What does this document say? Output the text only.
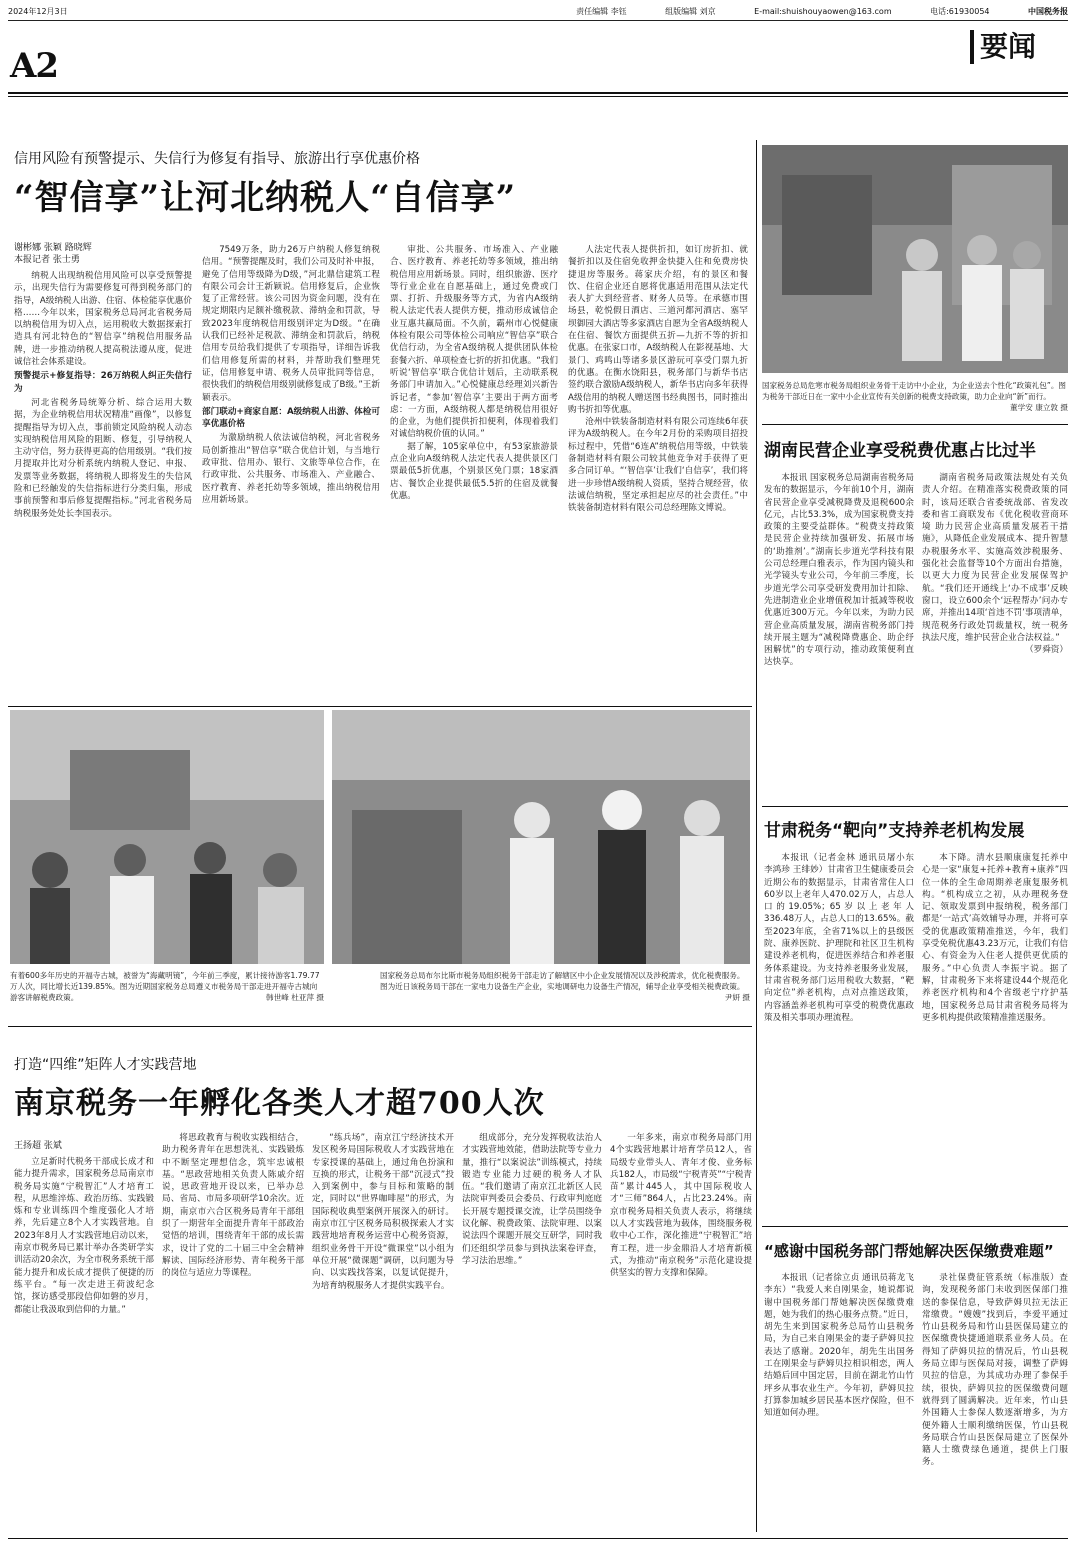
2024年12月3日	责任编辑 李钰	组版编辑 刘京	E-mail:shuishouyaowen@163.com	电话:61930054	中国税务报
A2	要闻
信用风险有预警提示、失信行为修复有指导、旅游出行享优惠价格
“智信享”让河北纳税人“自信享”
谢彬娜 张颖 路晓辉
本报记者 张士勇

纳税人出现纳税信用风险可以享受预警提示，出现失信行为需要修复可得到税务部门的指导，A级纳税人出游、住宿、体检能享优惠价格……今年以来，国家税务总局河北省税务局以纳税信用为切入点，运用税收大数据探索打造具有河北特色的“智信享”纳税信用服务品牌，进一步推动纳税人提高税法遵从度，促进诚信社会体系建设。

预警提示+修复指导：26万纳税人纠正失信行为

河北省税务局统筹分析、综合运用大数据，为企业纳税信用状况精准“画像”，以修复提醒指导为切入点，事前锁定风险纳税人动态实现纳税信用风险的阻断、修复，引导纳税人主动守信，努力获得更高的信用级别。“我们按月提取并比对分析系统内纳税人登记、申报、发票等业务数据，将纳税人即将发生的失信风险和已经触发的失信指标进行分类归集，形成事前预警和事后修复提醒指标。”河北省税务局纳税服务处处长李国表示。

7549万条，助力26万户纳税人修复纳税信用。“预警提醒及时，我们公司及时补申报，避免了信用等级降为D级，”河北鼎信建筑工程有限公司会计王新颖说。信用修复后，企业恢复了正常经营。该公司因为资金问题，没有在规定期限内足额补缴税款、滞纳金和罚款，导致2023年度纳税信用级别评定为D级。“在确认我们已经补足税款、滞纳金和罚款后，纳税信用专员给我们提供了专项指导，详细告诉我们信用修复所需的材料，并帮助我们整理凭证，信用修复申请、税务人员审批同等信息，很快我们的纳税信用级别就修复成了B级。”王新颖表示。

部门联动+商家自愿：A级纳税人出游、体检可享优惠价格

为激励纳税人依法诚信纳税，河北省税务局创新推出“智信享”联合优信计划，与当地行政审批、信用办、银行、文旅等单位合作，在行政审批、公共服务、市场准入、产业融合、医疗教育、养老托幼等多领域，推出纳税信用应用新场景。

审批、公共服务、市场准入、产业融合、医疗教育、养老托幼等多领域，推出纳税信用应用新场景。同时，组织旅游、医疗等行业企业在自愿基础上，通过免费或门票、打折、升级服务等方式，为省内A级纳税人法定代表人提供方便，推动形成诚信企业互惠共赢局面。不久前，霸州市心悦健康体检有限公司等体检公司响应“智信享”联合优信行动，为全省A级纳税人提供团队体检套餐六折、单项检查七折的折扣优惠。“我们听说‘智信享’联合优信计划后，主动联系税务部门申请加入。”心悦健康总经理刘兴新告诉记者，“参加‘智信享’主要出于两方面考虑：一方面，A级纳税人都是纳税信用很好的企业，为他们提供折扣便利，体现着我们对诚信纳税价值的认同。”

据了解，105家单位中，有53家旅游景点企业向A级纳税人法定代表人提供景区门票最低5折优惠，个别景区免门票；18家酒店、餐饮企业提供最低5.5折的住宿及就餐优惠。

人法定代表人提供折扣，如订房折扣、就餐折扣以及住宿免收押金快捷入住和免费房快捷退房等服务。蒋家庆介绍，有的景区和餐饮、住宿企业还自愿将优惠适用范围从法定代表人扩大到经营者、财务人员等。在承德市围场县，乾悦假日酒店、三道河都河酒店、塞罕坝御园大酒店等多家酒店自愿为全省A级纳税人在住宿、餐饮方面提供五折—九折不等的折扣优惠。在张家口市，A级纳税人在影视基地、大景门、鸡鸣山等诸多景区游玩可享受门票九折的优惠。在衡水饶阳县，税务部门与新华书店签约联合激励A级纳税人，新华书店向多年获得A级信用的纳税人赠送图书经典图书，同时推出购书折扣等优惠。

沧州中铁装备制造材料有限公司连续6年获评为A级纳税人。在今年2月份的采购项目招投标过程中，凭借“6连A”纳税信用等级，中铁装备制造材料有限公司较其他竞争对手获得了更多合同订单。“‘智信享’让我们‘自信享’，我们将进一步珍惜A级纳税人资质，坚持合规经营，依法诚信纳税，坚定承担起应尽的社会责任。”中铁装备制造材料有限公司总经理陈文博说。

国家税务总局危寒市税务局组织业务骨干走访中小企业，为企业送去个性化“政策礼包”。图为税务干部近日在一家中小企业宣传有关创新的税费支持政策，助力企业向“新”而行。
董学安 康立敦 摄
湖南民营企业享受税费优惠占比过半

本报讯 国家税务总局湖南省税务局发布的数据显示，今年前10个月，湖南省民营企业享受减税降费及退税600余亿元，占比53.3%，成为国家税费支持政策的主要受益群体。“税费支持政策是民营企业持续加强研发、拓展市场的‘助推剂’。”湖南长步道光学科技有限公司总经理白雅表示，作为国内镜头和光学镜头专业公司，今年前三季度，长步道光学公司享受研发费用加计扣除、先进制造业企业增值税加计抵减等税收优惠近300万元。今年以来，为助力民营企业高质量发展，湖南省税务部门持续开展主题为“减税降费惠企、助企纾困解忧”的专项行动，推动政策便利直达快享。

湖南省税务局政策法规处有关负责人介绍。在精准落实税费政策的同时，该局还联合省委统战部、省发改委和省工商联发布《优化税收营商环境 助力民营企业高质量发展若干措施》，从降低企业发展成本、提升智慧办税服务水平、实施高效涉税服务、强化社会监督等10个方面出台措施，以更大力度为民营企业发展保驾护航。“我们还开通线上‘办不成事’反映窗口，设立600余个‘远程帮办’问办专席，并推出14项‘首违不罚’事项清单，规范税务行政处罚裁量权，统一税务执法尺度，维护民营企业合法权益。”

（罗舜资）
甘肃税务“靶向”支持养老机构发展

本报讯（记者金林 通讯员屠小东 李鸿珍 王绯妙）甘肃省卫生健康委员会近期公布的数据显示，甘肃省常住人口60岁以上老年人470.02万人，占总人口的19.05%；65岁以上老年人336.48万人，占总人口的13.65%。截至2023年底，全省71%以上的县级医院、康养医院、护理院和社区卫生机构建设养老机构，促进医养结合和养老服务体系建设。为支持养老服务业发展，甘肃省税务部门运用税收大数据，“靶向定位”养老机构，点对点推送政策，内容涵盖养老机构可享受的税费优惠政策及相关事项办理流程。

本下降。清水县顺康康复托养中心是一家“康复+托养+教育+康养”四位一体的全生命周期养老康复服务机构。“机构成立之初，从办理税务登记、领取发票到申报纳税，税务部门都是‘一站式’高效辅导办理，并将可享受的优惠政策精准推送，今年，我们享受免税优惠43.23万元，让我们有信心、有资金为入住老人提供更优质的服务。”中心负责人李振宇说。据了解，甘肃税务下来将建设44个规范化养老医疗机构和4个省级老宁疗护基地，国家税务总局甘肃省税务局将为更多机构提供政策精准推送服务。

有着600多年历史的开福寺古城，被誉为“海藏明镜”，今年前三季度，累计接待游客1.79.77万人次，同比增长近139.85%。图为近期国家税务总局遵义市税务局干部走进开福寺古城向游客讲解税费政策。	韩世峰 杜亚萍 摄
国家税务总局布尔比斯市税务局组织税务干部走访了解辖区中小企业发展情况以及涉税需求，优化税费服务。图为近日该税务局干部在一家电力设备生产企业，实地调研电力设备生产情况，辅导企业享受相关税费政策。
尹妍 摄
打造“四维”矩阵人才实践营地
南京税务一年孵化各类人才超700人次
王扬超 张斌

立足新时代税务干部成长成才和能力提升需求，国家税务总局南京市税务局实施“宁税智汇”人才培育工程，从思维淬炼、政治历练、实践锻炼和专业训练四个维度强化人才培养，先后建立8个人才实践营地。自2023年8月人才实践营地启动以来，南京市税务局已累计举办各类研学实训活动20余次，为全市税务系统干部能力提升和成长成才提供了便捷的历练平台。“每一次走进王荷波纪念馆，探访感受那段信仰如磐的岁月，都能让我汲取到信仰的力量。”

将思政教育与税收实践相结合，助力税务青年在思想洗礼、实践锻炼中不断坚定理想信念，筑牢忠诚根基。“思政营地相关负责人陈戚介绍说，思政营地开设以来，已举办总局、省局、市局多项研学10余次。近期，南京市六合区税务局青年干部组织了一期营年全面提升青年干部政治觉悟的培训，围绕青年干部的成长需求，设计了党的二十届三中全会精神解读、国际经济形势、青年税务干部的岗位与适应力等课程。

“练兵场”，南京江宁经济技术开发区税务局国际税收人才实践营地在专家授课的基础上，通过角色扮演和互换的形式，让税务干部“沉浸式”投入到案例中，参与目标和策略的制定，同时以“世界咖啡屋”的形式，为国际税收典型案例开展深入的研讨。南京市江宁区税务局积极探索人才实践营地培育税务运营中心税务资源，组织业务骨干开设“微课堂”以小组为单位开展“微课题”调研，以问题为导向、以实践找答案，以复试促提升，为培育纳税服务人才提供实践平台。

组成部分，充分发挥税收法治人才实践营地效能，借助法院等专业力量，推行“以案说法”训练模式，持续锻造专业能力过硬的税务人才队伍。“我们邀请了南京江北新区人民法院审判委员会委员、行政审判庭庭长开展专题授课交流，让学员围绕争议化解、税费政策、法院审理、以案说法四个课题开展交互研学，同时我们还组织学员参与到执法案卷评查，学习法治思维。”

一年多来，南京市税务局部门用4个实践营地累计培育学员12人，省局级专业带头人、青年才俊、业务标兵182人，市局级“宁税青英”“宁税青苗”累计445人，其中国际税收人才“三师”864人，占比23.24%。南京市税务局相关负责人表示，将继续以人才实践营地为载体，围绕服务税收中心工作，深化推进“宁税智汇”培育工程，进一步金鼎沿人才培育新模式，为推动“南京税务”示范化建设提供坚实的智力支撑和保障。

“感谢中国税务部门帮她解决医保缴费难题”

本报讯（记者徐立贞 通讯员蒋龙飞 李东）“我爱人来自刚果金，她说都说谢中国税务部门帮她解决医保缴费难题，她为我们的热心服务点赞。”近日，胡先生来到国家税务总局竹山县税务局，为自己来自刚果金的妻子萨姆贝拉表达了感谢。2020年，胡先生出国务工在刚果金与萨姆贝拉相识相恋，两人结婚后回中国定居，目前在湖北竹山竹坪乡从事农业生产。今年初，萨姆贝拉打算参加城乡居民基本医疗保险，但不知道如何办理。

录社保费征管系统（标准版）查询，发现税务部门未收到医保部门推送的参保信息，导致萨姆贝拉无法正常缴费。“嫂嫂”找到后，李爱平通过竹山县税务局和竹山县医保局建立的医保缴费快捷通道联系业务人员。在得知了萨姆贝拉的情况后，竹山县税务局立即与医保局对接，调整了萨姆贝拉的信息，为其成功办理了参保手续，很快，萨姆贝拉的医保缴费问题就得到了圆满解决。近年来，竹山县外国籍人士参保人数逐渐增多，为方便外籍人士顺利缴纳医保，竹山县税务局联合竹山县医保局建立了医保外籍人士缴费绿色通道，提供上门服务。
